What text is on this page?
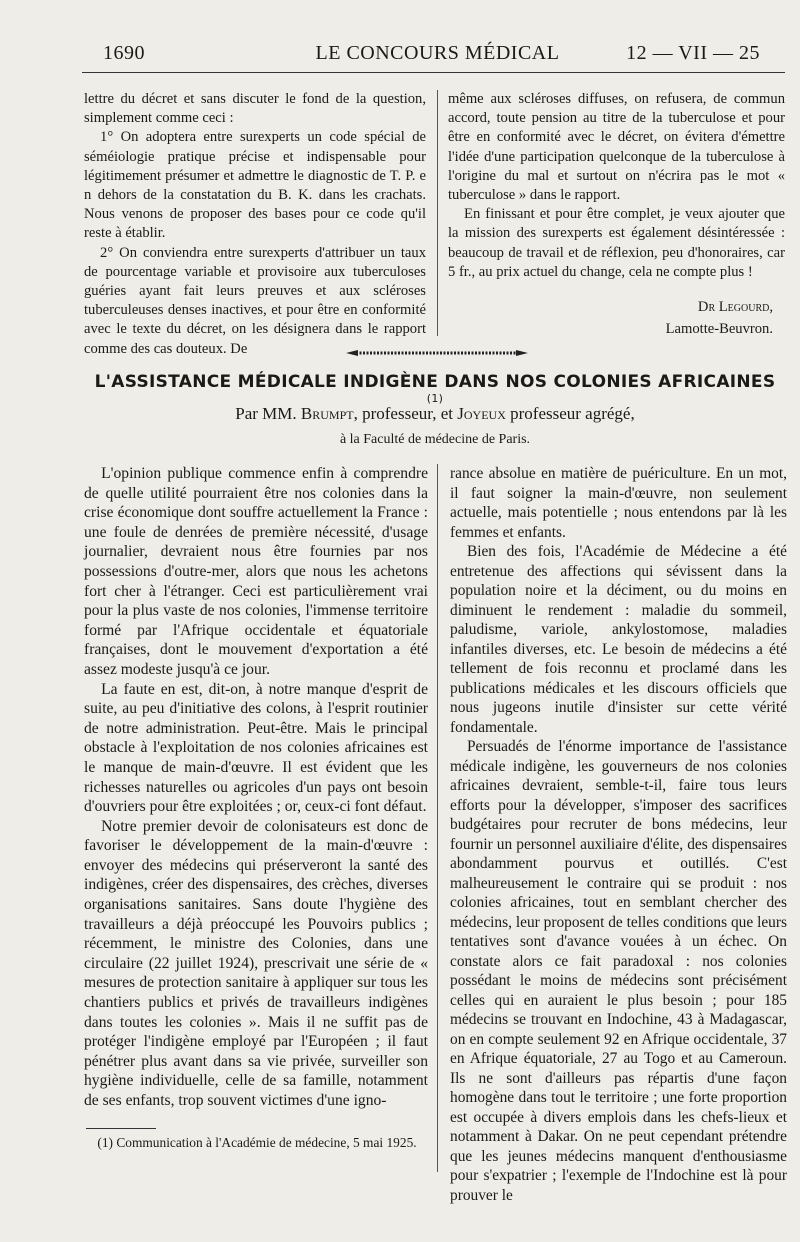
1690	LE CONCOURS MÉDICAL	12 — VII — 25

lettre du décret et sans discuter le fond de la question, simplement comme ceci :

1° On adoptera entre surexperts un code spécial de séméiologie pratique précise et indispensable pour légitimement présumer et admettre le diagnostic de T. P. e n dehors de la constatation du B. K. dans les crachats. Nous venons de proposer des bases pour ce code qu'il reste à établir.

2° On conviendra entre surexperts d'attribuer un taux de pourcentage variable et provisoire aux tuberculoses guéries ayant fait leurs preuves et aux scléroses tuberculeuses denses inactives, et pour être en conformité avec le texte du décret, on les désignera dans le rapport comme des cas douteux. De

même aux scléroses diffuses, on refusera, de commun accord, toute pension au titre de la tuberculose et pour être en conformité avec le décret, on évitera d'émettre l'idée d'une participation quelconque de la tuberculose à l'origine du mal et surtout on n'écrira pas le mot « tuberculose » dans le rapport.

En finissant et pour être complet, je veux ajouter que la mission des surexperts est également désintéressée : beaucoup de travail et de réflexion, peu d'honoraires, car 5 fr., au prix actuel du change, cela ne compte plus !

Dr Legourd,
Lamotte-Beuvron.
L'ASSISTANCE MÉDICALE INDIGÈNE DANS NOS COLONIES AFRICAINES $^{(1)}$
Par MM. Brumpt, professeur, et Joyeux professeur agrégé,
à la Faculté de médecine de Paris.

L'opinion publique commence enfin à comprendre de quelle utilité pourraient être nos colonies dans la crise économique dont souffre actuellement la France : une foule de denrées de première nécessité, d'usage journalier, devraient nous être fournies par nos possessions d'outre-mer, alors que nous les achetons fort cher à l'étranger. Ceci est particulièrement vrai pour la plus vaste de nos colonies, l'immense territoire formé par l'Afrique occidentale et équatoriale françaises, dont le mouvement d'exportation a été assez modeste jusqu'à ce jour.

La faute en est, dit-on, à notre manque d'esprit de suite, au peu d'initiative des colons, à l'esprit routinier de notre administration. Peut-être. Mais le principal obstacle à l'exploitation de nos colonies africaines est le manque de main-d'œuvre. Il est évident que les richesses naturelles ou agricoles d'un pays ont besoin d'ouvriers pour être exploitées ; or, ceux-ci font défaut.

Notre premier devoir de colonisateurs est donc de favoriser le développement de la main-d'œuvre : envoyer des médecins qui préserveront la santé des indigènes, créer des dispensaires, des crèches, diverses organisations sanitaires. Sans doute l'hygiène des travailleurs a déjà préoccupé les Pouvoirs publics ; récemment, le ministre des Colonies, dans une circulaire (22 juillet 1924), prescrivait une série de « mesures de protection sanitaire à appliquer sur tous les chantiers publics et privés de travailleurs indigènes dans toutes les colonies ». Mais il ne suffit pas de protéger l'indigène employé par l'Européen ; il faut pénétrer plus avant dans sa vie privée, surveiller son hygiène individuelle, celle de sa famille, notamment de ses enfants, trop souvent victimes d'une igno-

rance absolue en matière de puériculture. En un mot, il faut soigner la main-d'œuvre, non seulement actuelle, mais potentielle ; nous entendons par là les femmes et enfants.

Bien des fois, l'Académie de Médecine a été entretenue des affections qui sévissent dans la population noire et la déciment, ou du moins en diminuent le rendement : maladie du sommeil, paludisme, variole, ankylostomose, maladies infantiles diverses, etc. Le besoin de médecins a été tellement de fois reconnu et proclamé dans les publications médicales et les discours officiels que nous jugeons inutile d'insister sur cette vérité fondamentale.

Persuadés de l'énorme importance de l'assistance médicale indigène, les gouverneurs de nos colonies africaines devraient, semble-t-il, faire tous leurs efforts pour la développer, s'imposer des sacrifices budgétaires pour recruter de bons médecins, leur fournir un personnel auxiliaire d'élite, des dispensaires abondamment pourvus et outillés. C'est malheureusement le contraire qui se produit : nos colonies africaines, tout en semblant chercher des médecins, leur proposent de telles conditions que leurs tentatives sont d'avance vouées à un échec. On constate alors ce fait paradoxal : nos colonies possédant le moins de médecins sont précisément celles qui en auraient le plus besoin ; pour 185 médecins se trouvant en Indochine, 43 à Madagascar, on en compte seulement 92 en Afrique occidentale, 37 en Afrique équatoriale, 27 au Togo et au Cameroun. Ils ne sont d'ailleurs pas répartis d'une façon homogène dans tout le territoire ; une forte proportion est occupée à divers emplois dans les chefs-lieux et notamment à Dakar. On ne peut cependant prétendre que les jeunes médecins manquent d'enthousiasme pour s'expatrier ; l'exemple de l'Indochine est là pour prouver le

(1) Communication à l'Académie de médecine, 5 mai 1925.
